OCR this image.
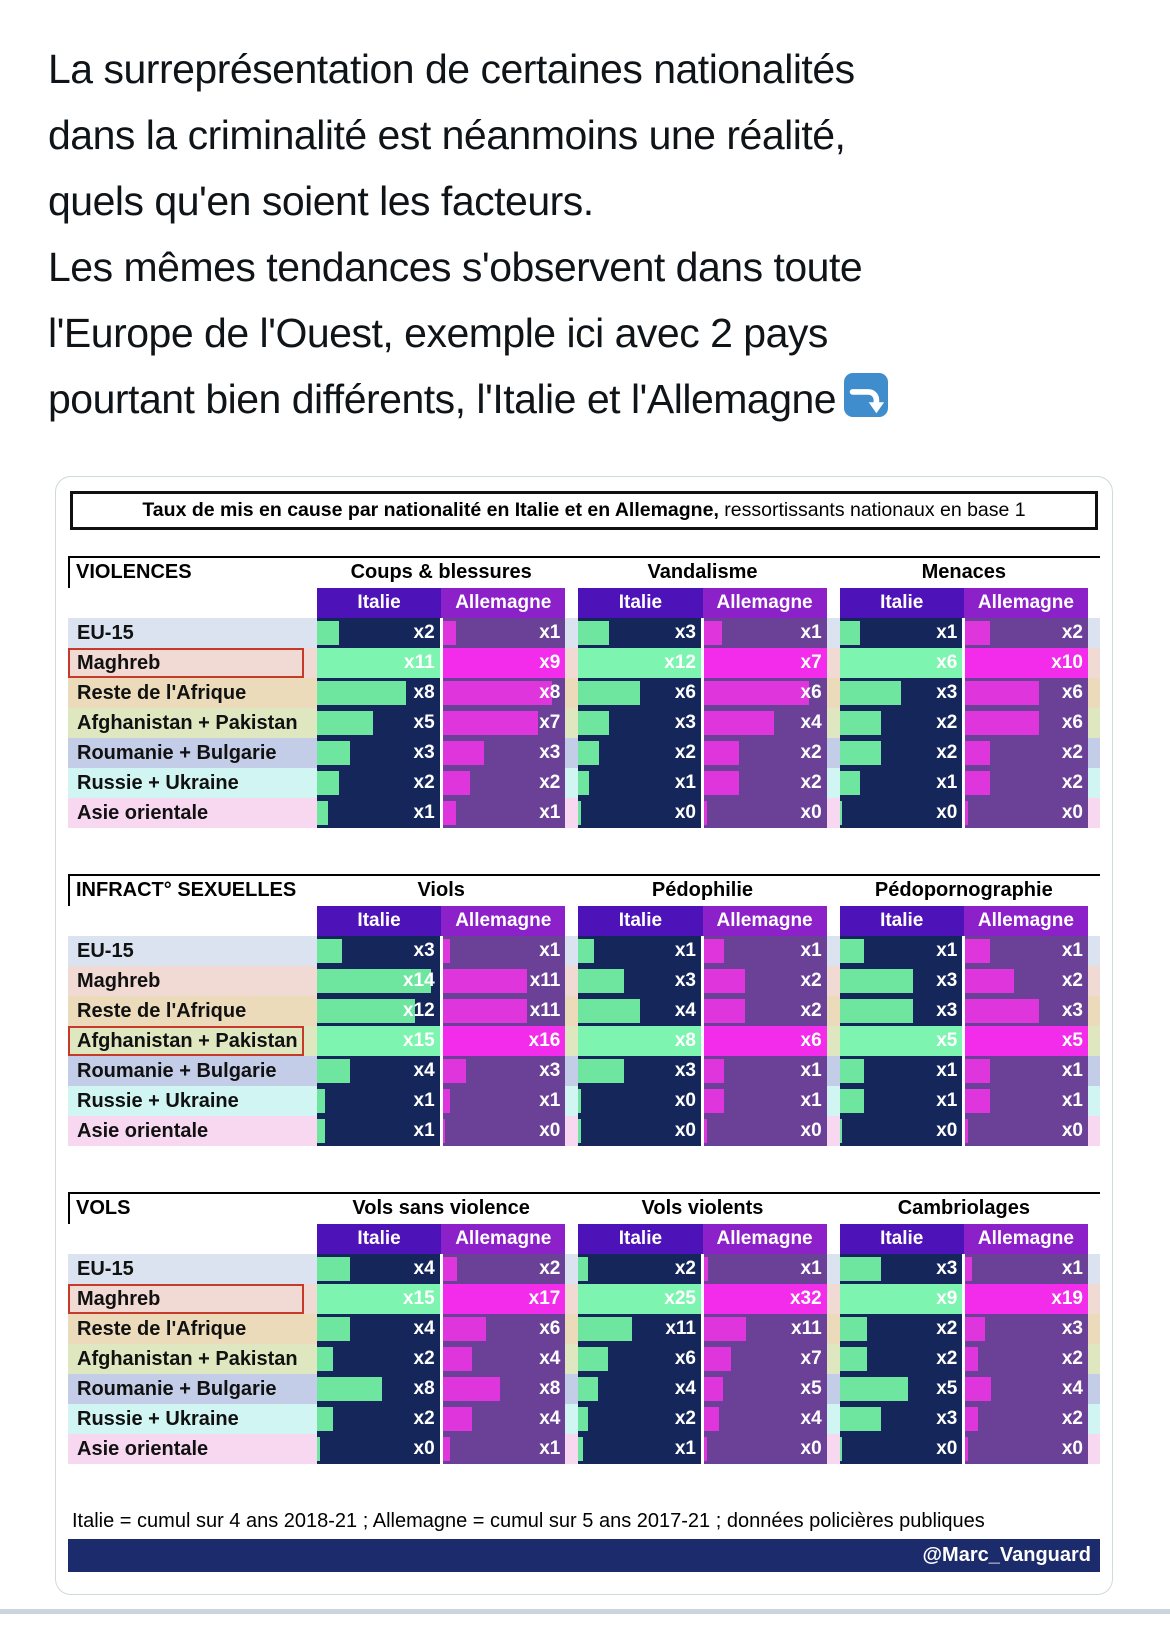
La surreprésentation de certaines nationalités
dans la criminalité est néanmoins une réalité,
quels qu'en soient les facteurs.
Les mêmes tendances s'observent dans toute
l'Europe de l'Ouest, exemple ici avec 2 pays
pourtant bien différents, l'Italie et l'Allemagne
Taux de mis en cause par nationalité en Italie et en Allemagne, ressortissants nationaux en base 1
VIOLENCES	Coups & blessures	Vandalisme	Menaces
Italie	Allemagne	Italie	Allemagne	Italie	Allemagne
EU-15	x2	x1	x3	x1	x1	x2
Maghreb	x11	x9	x12	x7	x6	x10
Reste de l'Afrique	x8	x8	x6	x6	x3	x6
Afghanistan + Pakistan	x5	x7	x3	x4	x2	x6
Roumanie + Bulgarie	x3	x3	x2	x2	x2	x2
Russie + Ukraine	x2	x2	x1	x2	x1	x2
Asie orientale	x1	x1	x0	x0	x0	x0
INFRACT° SEXUELLES	Viols	Pédophilie	Pédopornographie
Italie	Allemagne	Italie	Allemagne	Italie	Allemagne
EU-15	x3	x1	x1	x1	x1	x1
Maghreb	x14	x11	x3	x2	x3	x2
Reste de l'Afrique	x12	x11	x4	x2	x3	x3
Afghanistan + Pakistan	x15	x16	x8	x6	x5	x5
Roumanie + Bulgarie	x4	x3	x3	x1	x1	x1
Russie + Ukraine	x1	x1	x0	x1	x1	x1
Asie orientale	x1	x0	x0	x0	x0	x0
VOLS	Vols sans violence	Vols violents	Cambriolages
Italie	Allemagne	Italie	Allemagne	Italie	Allemagne
EU-15	x4	x2	x2	x1	x3	x1
Maghreb	x15	x17	x25	x32	x9	x19
Reste de l'Afrique	x4	x6	x11	x11	x2	x3
Afghanistan + Pakistan	x2	x4	x6	x7	x2	x2
Roumanie + Bulgarie	x8	x8	x4	x5	x5	x4
Russie + Ukraine	x2	x4	x2	x4	x3	x2
Asie orientale	x0	x1	x1	x0	x0	x0
Italie = cumul sur 4 ans 2018-21 ; Allemagne = cumul sur 5 ans 2017-21 ; données policières publiques
@Marc_Vanguard
